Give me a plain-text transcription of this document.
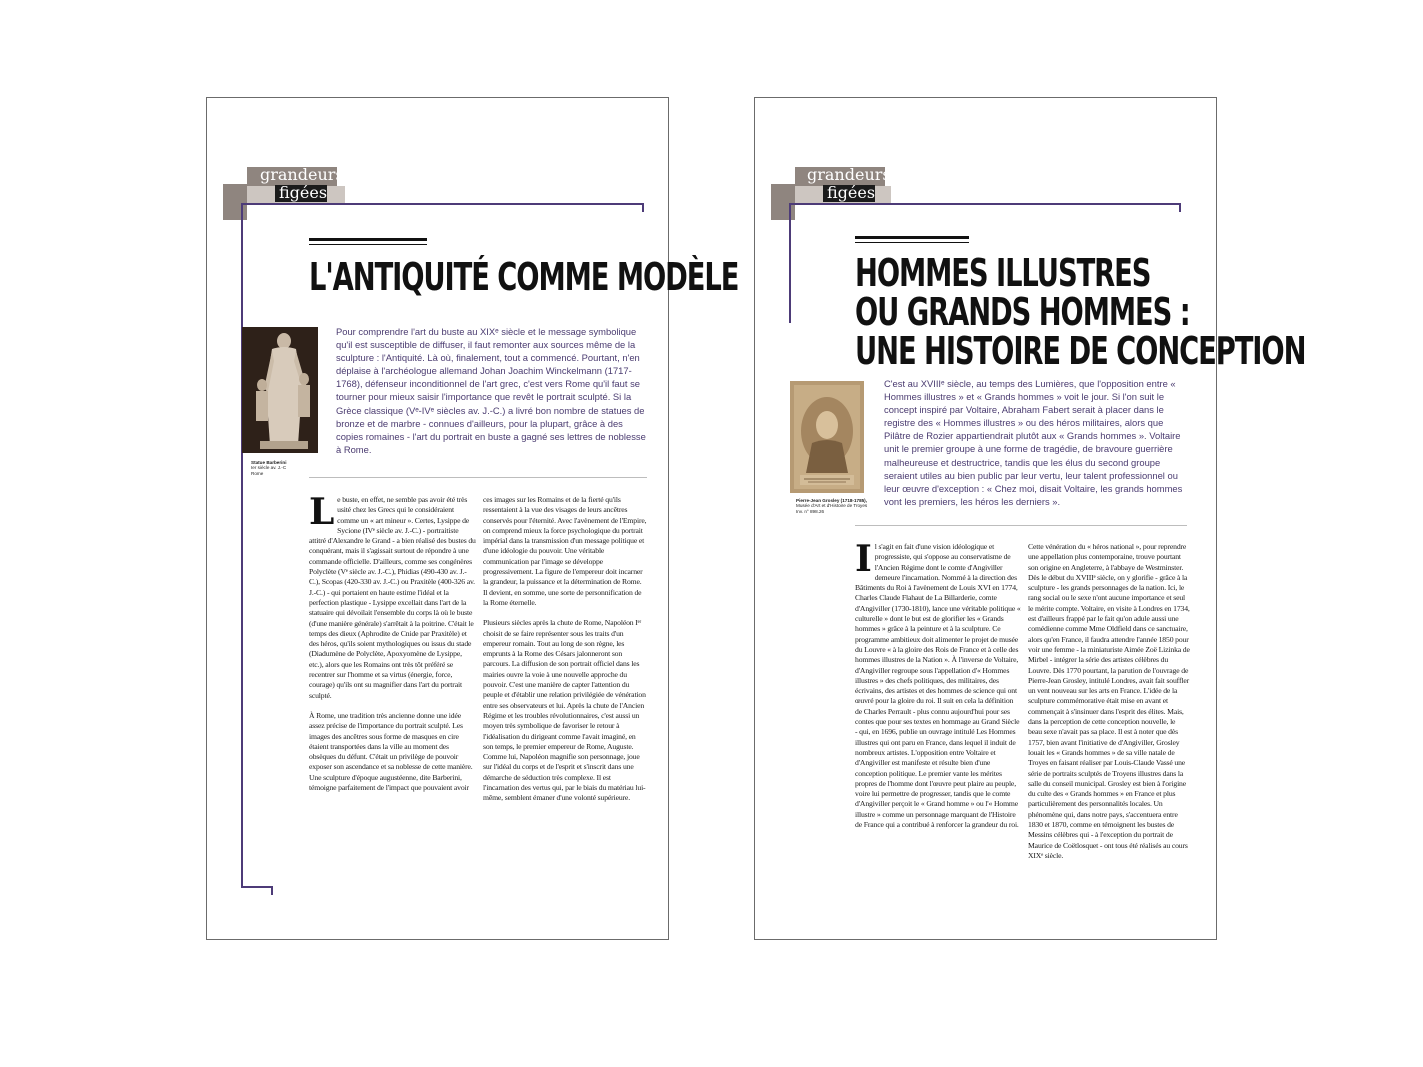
grandeurs
figées
L'ANTIQUITÉ COMME MODÈLE
Statue Barberini
Ier siècle av. J.-C
Rome
Pour comprendre l'art du buste au XIXᵉ siècle et le message symbolique qu'il est susceptible de diffuser, il faut remonter aux sources même de la sculpture : l'Antiquité. Là où, finalement, tout a commencé. Pourtant, n'en déplaise à l'archéologue allemand Johan Joachim Winckelmann (1717-1768), défenseur inconditionnel de l'art grec, c'est vers Rome qu'il faut se tourner pour mieux saisir l'importance que revêt le portrait sculpté. Si la Grèce classique (Vᵉ-IVᵉ siècles av. J.-C.) a livré bon nombre de statues de bronze et de marbre - connues d'ailleurs, pour la plupart, grâce à des copies romaines - l'art du portrait en buste a gagné ses lettres de noblesse à Rome.

Le buste, en effet, ne semble pas avoir été très usité chez les Grecs qui le considéraient comme un « art mineur ». Certes, Lysippe de Sycione (IVᵉ siècle av. J.-C.) - portraitiste attitré d'Alexandre le Grand - a bien réalisé des bustes du conquérant, mais il s'agissait surtout de répondre à une commande officielle. D'ailleurs, comme ses congénères Polyclète (Vᵉ siècle av. J.-C.), Phidias (490-430 av. J.-C.), Scopas (420-330 av. J.-C.) ou Praxitèle (400-326 av. J.-C.) - qui portaient en haute estime l'idéal et la perfection plastique - Lysippe excellait dans l'art de la statuaire qui dévoilait l'ensemble du corps là où le buste (d'une manière générale) s'arrêtait à la poitrine. C'était le temps des dieux (Aphrodite de Cnide par Praxitèle) et des héros, qu'ils soient mythologiques ou issus du stade (Diadumène de Polyclète, Apoxyomène de Lysippe, etc.), alors que les Romains ont très tôt préféré se recentrer sur l'homme et sa virtus (énergie, force, courage) qu'ils ont su magnifier dans l'art du portrait sculpté.

À Rome, une tradition très ancienne donne une idée assez précise de l'importance du portrait sculpté. Les images des ancêtres sous forme de masques en cire étaient transportées dans la ville au moment des obsèques du défunt. C'était un privilège de pouvoir exposer son ascendance et sa noblesse de cette manière. Une sculpture d'époque augustéenne, dite Barberini, témoigne parfaitement de l'impact que pouvaient avoir

ces images sur les Romains et de la fierté qu'ils ressentaient à la vue des visages de leurs ancêtres conservés pour l'éternité. Avec l'avènement de l'Empire, on comprend mieux la force psychologique du portrait impérial dans la transmission d'un message politique et d'une idéologie du pouvoir. Une véritable communication par l'image se développe progressivement. La figure de l'empereur doit incarner la grandeur, la puissance et la détermination de Rome. Il devient, en somme, une sorte de personnification de la Rome éternelle.

Plusieurs siècles après la chute de Rome, Napoléon Iᵉʳ choisit de se faire représenter sous les traits d'un empereur romain. Tout au long de son règne, les emprunts à la Rome des Césars jalonneront son parcours. La diffusion de son portrait officiel dans les mairies ouvre la voie à une nouvelle approche du pouvoir. C'est une manière de capter l'attention du peuple et d'établir une relation privilégiée de vénération entre ses observateurs et lui. Après la chute de l'Ancien Régime et les troubles révolutionnaires, c'est aussi un moyen très symbolique de favoriser le retour à l'idéalisation du dirigeant comme l'avait imaginé, en son temps, le premier empereur de Rome, Auguste. Comme lui, Napoléon magnifie son personnage, joue sur l'idéal du corps et de l'esprit et s'inscrit dans une démarche de séduction très complexe. Il est l'incarnation des vertus qui, par le biais du matériau lui-même, semblent émaner d'une volonté supérieure.

grandeurs
figées
HOMMES ILLUSTRES
OU GRANDS HOMMES :
UNE HISTOIRE DE CONCEPTION
Pierre-Jean Grosley (1718-1785),
Musée d'Art et d'Histoire de Troyes
Inv. n° 898.26
C'est au XVIIIᵉ siècle, au temps des Lumières, que l'opposition entre « Hommes illustres » et « Grands hommes » voit le jour. Si l'on suit le concept inspiré par Voltaire, Abraham Fabert serait à placer dans le registre des « Hommes illustres » ou des héros militaires, alors que Pilâtre de Rozier appartiendrait plutôt aux « Grands hommes ». Voltaire unit le premier groupe à une forme de tragédie, de bravoure guerrière malheureuse et destructrice, tandis que les élus du second groupe seraient utiles au bien public par leur vertu, leur talent professionnel ou leur œuvre d'exception : « Chez moi, disait Voltaire, les grands hommes vont les premiers, les héros les derniers ».

Il s'agit en fait d'une vision idéologique et progressiste, qui s'oppose au conservatisme de l'Ancien Régime dont le comte d'Angiviller demeure l'incarnation. Nommé à la direction des Bâtiments du Roi à l'avènement de Louis XVI en 1774, Charles Claude Flahaut de La Billarderie, comte d'Angiviller (1730-1810), lance une véritable politique « culturelle » dont le but est de glorifier les « Grands hommes » grâce à la peinture et à la sculpture. Ce programme ambitieux doit alimenter le projet de musée du Louvre « à la gloire des Rois de France et à celle des hommes illustres de la Nation ». À l'inverse de Voltaire, d'Angiviller regroupe sous l'appellation d'« Hommes illustres » des chefs politiques, des militaires, des écrivains, des artistes et des hommes de science qui ont œuvré pour la gloire du roi. Il suit en cela la définition de Charles Perrault - plus connu aujourd'hui pour ses contes que pour ses textes en hommage au Grand Siècle - qui, en 1696, publie un ouvrage intitulé Les Hommes illustres qui ont paru en France, dans lequel il induit de nombreux artistes. L'opposition entre Voltaire et d'Angiviller est manifeste et résulte bien d'une conception politique. Le premier vante les mérites propres de l'homme dont l'œuvre peut plaire au peuple, voire lui permettre de progresser, tandis que le comte d'Angiviller perçoit le « Grand homme » ou l'« Homme illustre » comme un personnage marquant de l'Histoire de France qui a contribué à renforcer la grandeur du roi.

Cette vénération du « héros national », pour reprendre une appellation plus contemporaine, trouve pourtant son origine en Angleterre, à l'abbaye de Westminster. Dès le début du XVIIIᵉ siècle, on y glorifie - grâce à la sculpture - les grands personnages de la nation. Ici, le rang social ou le sexe n'ont aucune importance et seul le mérite compte. Voltaire, en visite à Londres en 1734, est d'ailleurs frappé par le fait qu'on adule aussi une comédienne comme Mme Oldfield dans ce sanctuaire, alors qu'en France, il faudra attendre l'année 1850 pour voir une femme - la miniaturiste Aimée Zoë Lizinka de Mirbel - intégrer la série des artistes célèbres du Louvre. Dès 1770 pourtant, la parution de l'ouvrage de Pierre-Jean Grosley, intitulé Londres, avait fait souffler un vent nouveau sur les arts en France. L'idée de la sculpture commémorative était mise en avant et commençait à s'insinuer dans l'esprit des élites. Mais, dans la perception de cette conception nouvelle, le beau sexe n'avait pas sa place. Il est à noter que dès 1757, bien avant l'initiative de d'Angiviller, Grosley louait les « Grands hommes » de sa ville natale de Troyes en faisant réaliser par Louis-Claude Vassé une série de portraits sculptés de Troyens illustres dans la salle du conseil municipal. Grosley est bien à l'origine du culte des « Grands hommes » en France et plus particulièrement des personnalités locales. Un phénomène qui, dans notre pays, s'accentuera entre 1830 et 1870, comme en témoignent les bustes de Messins célèbres qui - à l'exception du portrait de Maurice de Coëtlosquet - ont tous été réalisés au cours XIXᵉ siècle.
